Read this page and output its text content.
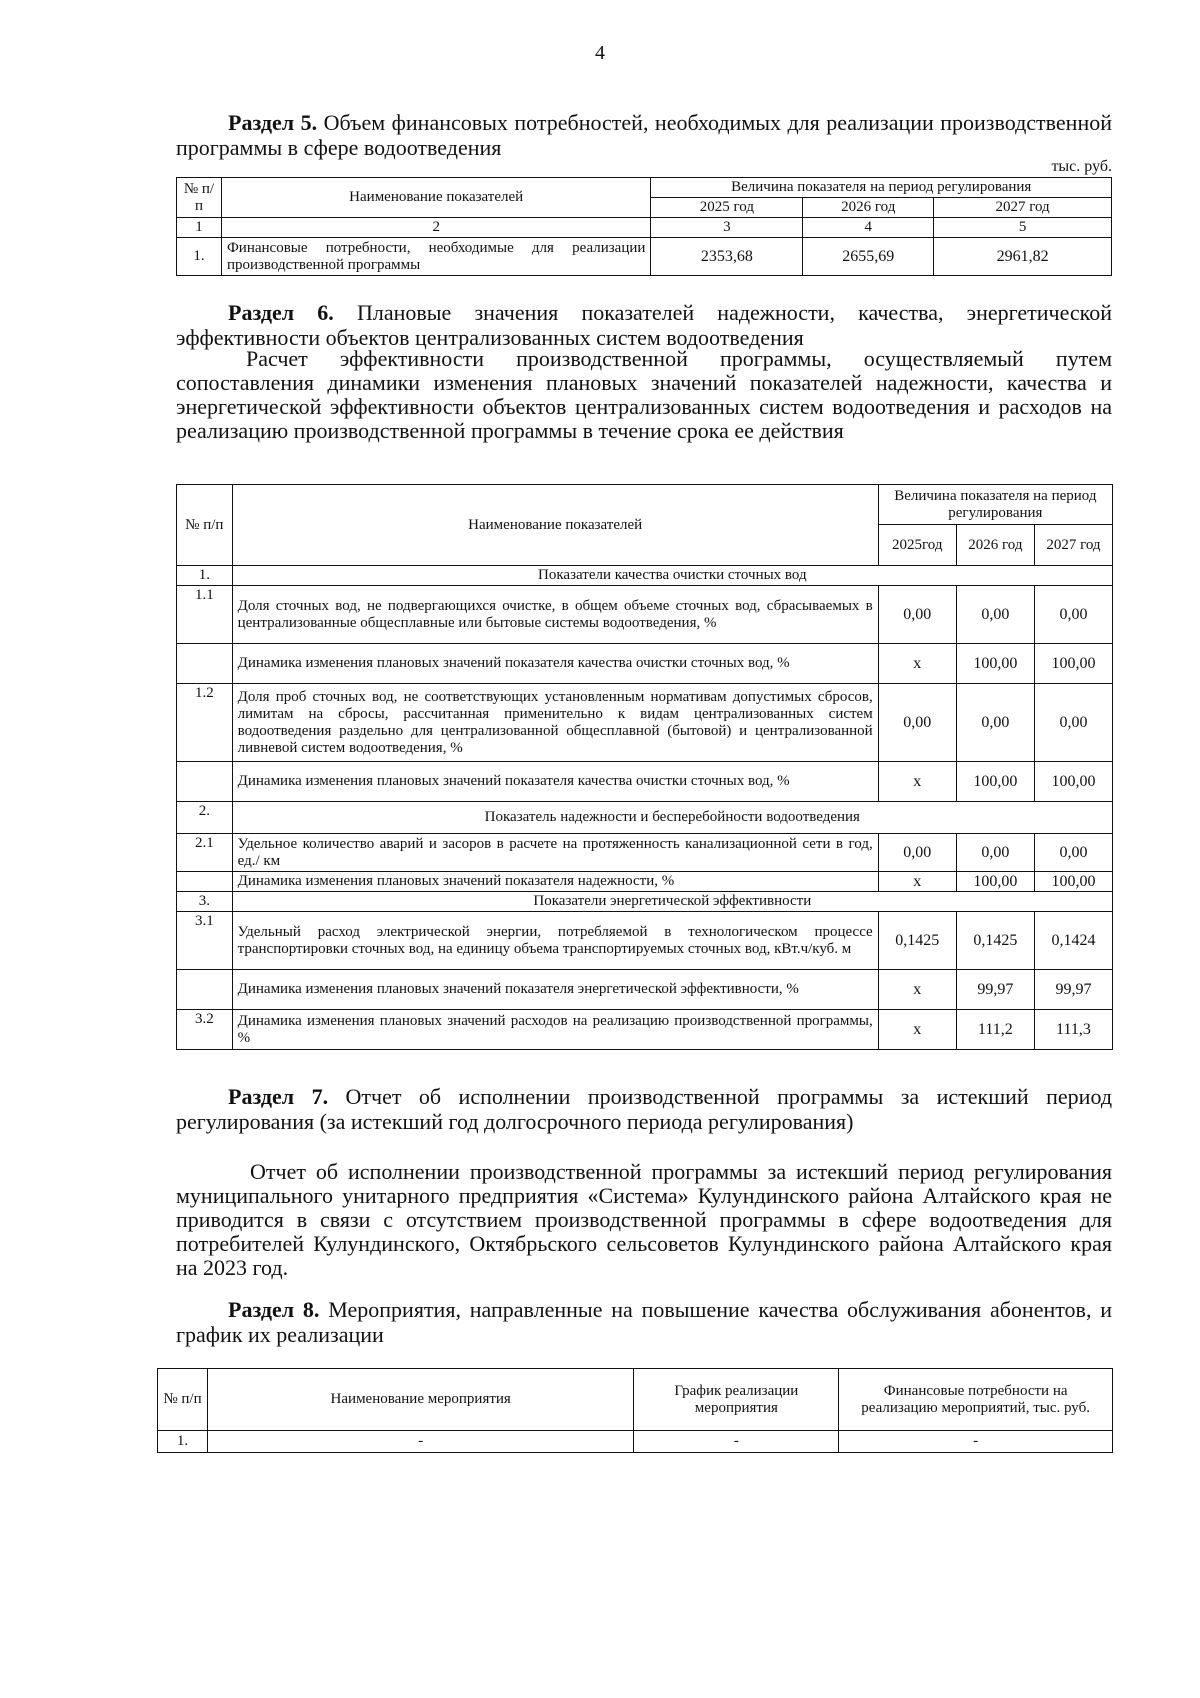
4
Раздел 5. Объем финансовых потребностей, необходимых для реализации производственной программы в сфере водоотведения
тыс. руб.
№ п/п	Наименование показателей	Величина показателя на период регулирования		
		2025 год	2026 год	2027 год
1	2	3	4	5
1.	Финансовые потребности, необходимые для реализации производственной программы	2353,68	2655,69	2961,82
Раздел 6. Плановые значения показателей надежности, качества, энергетической эффективности объектов централизованных систем водоотведения
Расчет эффективности производственной программы, осуществляемый путем сопоставления динамики изменения плановых значений показателей надежности, качества и энергетической эффективности объектов централизованных систем водоотведения и расходов на реализацию производственной программы в течение срока ее действия
№ п/п	Наименование показателей	Величина показателя на период регулирования		
		2025год	2026 год	2027 год
1.	Показатели качества очистки сточных вод			
1.1	Доля сточных вод, не подвергающихся очистке, в общем объеме сточных вод, сбрасываемых в централизованные общесплавные или бытовые системы водоотведения, %	0,00	0,00	0,00
	Динамика изменения плановых значений показателя качества очистки сточных вод, %	x	100,00	100,00
1.2	Доля проб сточных вод, не соответствующих установленным нормативам допустимых сбросов, лимитам на сбросы, рассчитанная применительно к видам централизованных систем водоотведения раздельно для централизованной общесплавной (бытовой) и централизованной ливневой систем водоотведения, %	0,00	0,00	0,00
	Динамика изменения плановых значений показателя качества очистки сточных вод, %	x	100,00	100,00
2.	Показатель надежности и бесперебойности водоотведения			
2.1	Удельное количество аварий и засоров в расчете на протяженность канализационной сети в год, ед./ км	0,00	0,00	0,00
	Динамика изменения плановых значений показателя надежности, %	x	100,00	100,00
3.	Показатели энергетической эффективности			
3.1	Удельный расход электрической энергии, потребляемой в технологическом процессе транспортировки сточных вод, на единицу объема транспортируемых сточных вод, кВт.ч/куб. м	0,1425	0,1425	0,1424
	Динамика изменения плановых значений показателя энергетической эффективности, %	x	99,97	99,97
3.2	Динамика изменения плановых значений расходов на реализацию производственной программы, %	x	111,2	111,3
Раздел 7. Отчет об исполнении производственной программы за истекший период регулирования (за истекший год долгосрочного периода регулирования)
Отчет об исполнении производственной программы за истекший период регулирования муниципального унитарного предприятия «Система» Кулундинского района Алтайского края не приводится в связи с отсутствием производственной программы в сфере водоотведения для потребителей Кулундинского, Октябрьского сельсоветов Кулундинского района Алтайского края на 2023 год.
Раздел 8. Мероприятия, направленные на повышение качества обслуживания абонентов, и график их реализации
№ п/п	Наименование мероприятия	График реализации мероприятия	Финансовые потребности на реализацию мероприятий, тыс. руб.
1.	-	-	-
